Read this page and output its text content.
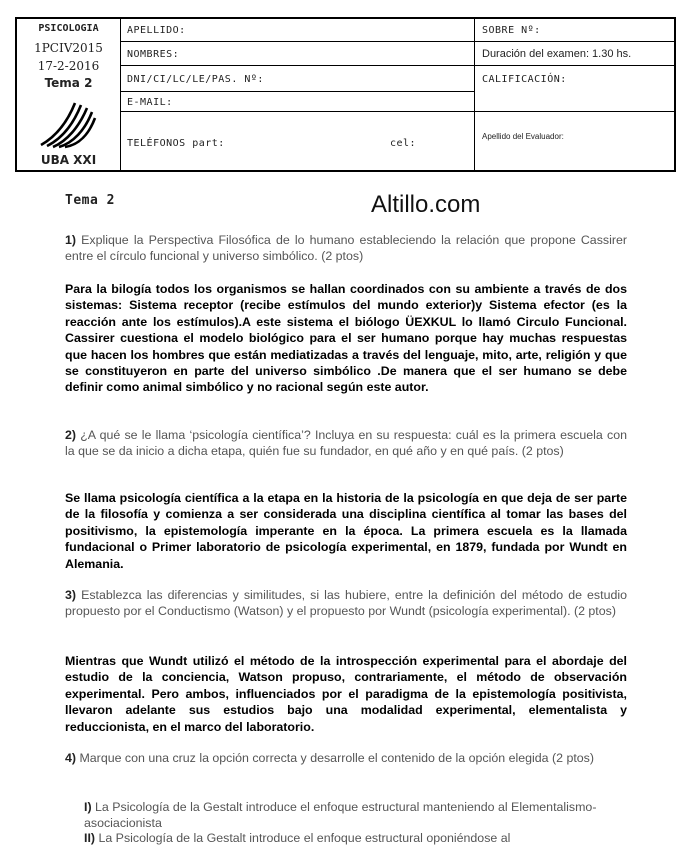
PSICOLOGIA
1PCIV2015
17-2-2016
Tema 2
UBA XXI
APELLIDO:
NOMBRES:
DNI/CI/LC/LE/PAS. Nº:
E-MAIL:
TELÉFONOS part:	cel:
SOBRE Nº:
Duración del examen: 1.30 hs.
CALIFICACIÓN:
Apellido del Evaluador:
Tema 2	Altillo.com
1) Explique la Perspectiva Filosófica de lo humano estableciendo la relación que propone Cassirer entre el círculo funcional y universo simbólico. (2 ptos)
Para la bilogía todos los organismos se hallan coordinados con su ambiente a través de dos sistemas: Sistema receptor (recibe estímulos del mundo exterior)y Sistema efector (es la reacción ante los estímulos).A este sistema el biólogo ÜEXKUL lo llamó Circulo Funcional. Cassirer cuestiona el modelo biológico para el ser humano porque hay muchas respuestas que hacen los hombres que están mediatizadas a través del lenguaje, mito, arte, religión y que se constituyeron en parte del universo simbólico .De manera que el ser humano se debe definir como animal simbólico y no racional según este autor.
2) ¿A qué se le llama ‘psicología científica’? Incluya en su respuesta: cuál es la primera escuela con la que se da inicio a dicha etapa, quién fue su fundador, en qué año y en qué país. (2 ptos)
Se llama psicología científica a la etapa en la historia de la psicología en que deja de ser parte de la filosofía y comienza a ser considerada una disciplina científica al tomar las bases del positivismo, la epistemología imperante en la época. La primera escuela es la llamada fundacional o Primer laboratorio de psicología experimental, en 1879, fundada por Wundt en Alemania.
3) Establezca las diferencias y similitudes, si las hubiere, entre la definición del método de estudio propuesto por el Conductismo (Watson) y el propuesto por Wundt (psicología experimental). (2 ptos)
Mientras que Wundt utilizó el método de la introspección experimental para el abordaje del estudio de la conciencia, Watson propuso, contrariamente, el método de observación experimental. Pero ambos, influenciados por el paradigma de la epistemología positivista, llevaron adelante sus estudios bajo una modalidad experimental, elementalista y reduccionista, en el marco del laboratorio.
4) Marque con una cruz la opción correcta y desarrolle el contenido de la opción elegida (2 ptos)
I) La Psicología de la Gestalt introduce el enfoque estructural manteniendo al Elementalismo-asociacionista
II) La Psicología de la Gestalt introduce el enfoque estructural oponiéndose al
